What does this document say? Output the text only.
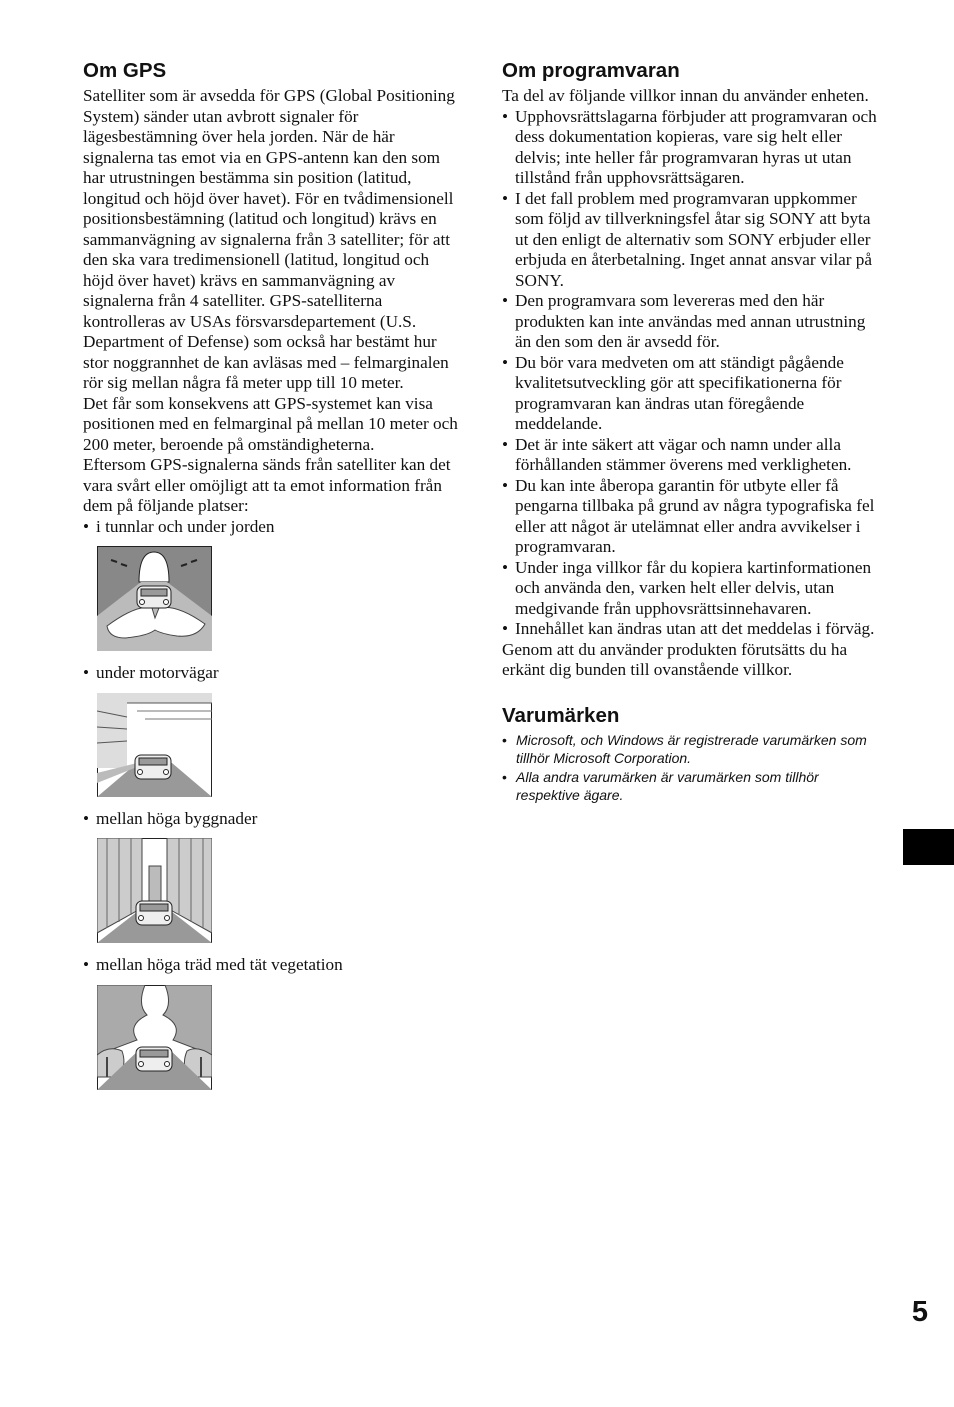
Om GPS

Satelliter som är avsedda för GPS (Global Positioning System) sänder utan avbrott signaler för lägesbestämning över hela jorden. När de här signalerna tas emot via en GPS-antenn kan den som har utrustningen bestämma sin position (latitud, longitud och höjd över havet). För en tvådimensionell positionsbestämning (latitud och longitud) krävs en sammanvägning av signalerna från 3 satelliter; för att den ska vara tredimensionell (latitud, longitud och höjd över havet) krävs en sammanvägning av signalerna från 4 satelliter. GPS-satelliterna kontrolleras av USAs försvarsdepartement (U.S. Department of Defense) som också har bestämt hur stor noggrannhet de kan avläsas med – felmarginalen rör sig mellan några få meter upp till 10 meter.

Det får som konsekvens att GPS-systemet kan visa positionen med en felmarginal på mellan 10 meter och 200 meter, beroende på omständigheterna.

Eftersom GPS-signalerna sänds från satelliter kan det vara svårt eller omöjligt att ta emot information från dem på följande platser:

• i tunnlar och under jorden
• under motorvägar
• mellan höga byggnader
• mellan höga träd med tät vegetation
Om programvaran

Ta del av följande villkor innan du använder enheten.

• Upphovsrättslagarna förbjuder att programvaran och dess dokumentation kopieras, vare sig helt eller delvis; inte heller får programvaran hyras ut utan tillstånd från upphovsrättsägaren.
• I det fall problem med programvaran uppkommer som följd av tillverkningsfel åtar sig SONY att byta ut den enligt de alternativ som SONY erbjuder eller erbjuda en återbetalning. Inget annat ansvar vilar på SONY.
• Den programvara som levereras med den här produkten kan inte användas med annan utrustning än den som den är avsedd för.
• Du bör vara medveten om att ständigt pågående kvalitetsutveckling gör att specifikationerna för programvaran kan ändras utan föregående meddelande.
• Det är inte säkert att vägar och namn under alla förhållanden stämmer överens med verkligheten.
• Du kan inte åberopa garantin för utbyte eller få pengarna tillbaka på grund av några typografiska fel eller att något är utelämnat eller andra avvikelser i programvaran.
• Under inga villkor får du kopiera kartinformationen och använda den, varken helt eller delvis, utan medgivande från upphovsrättsinnehavaren.
• Innehållet kan ändras utan att det meddelas i förväg.

Genom att du använder produkten förutsätts du ha erkänt dig bunden till ovanstående villkor.

Varumärken
• Microsoft, och Windows är registrerade varumärken som tillhör Microsoft Corporation.
• Alla andra varumärken är varumärken som tillhör respektive ägare.
5
